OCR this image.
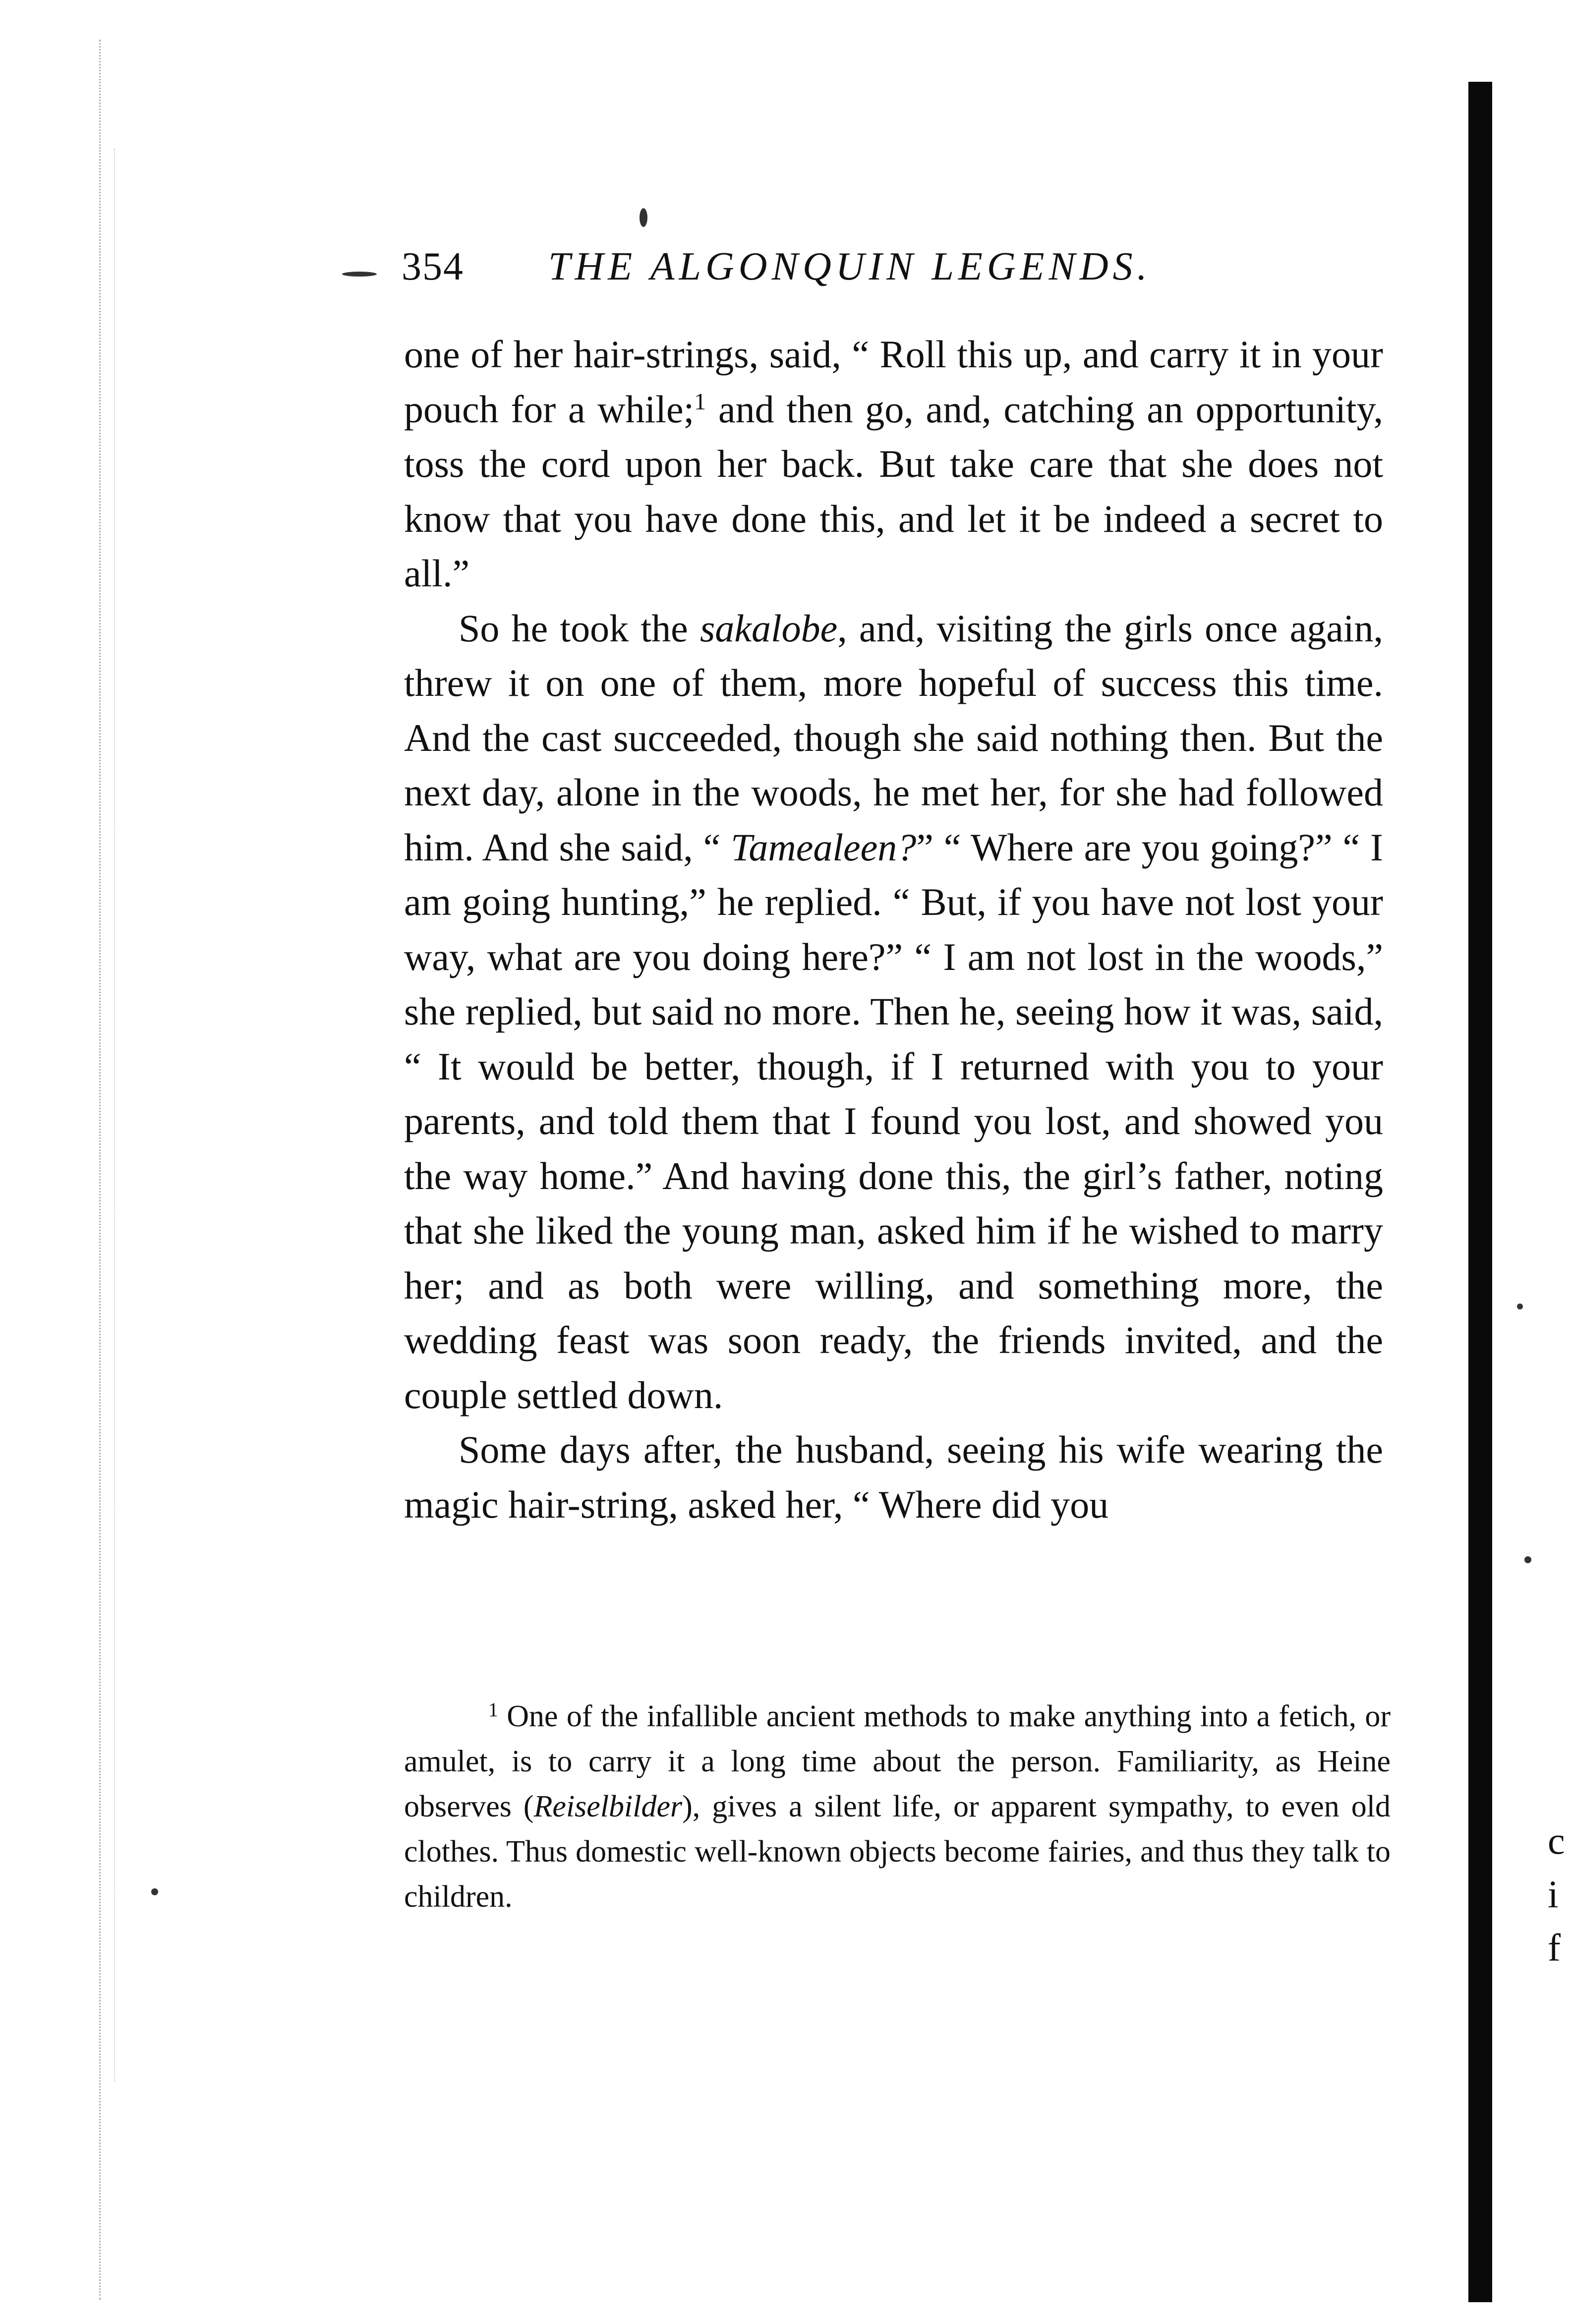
c
i
f
354 THE ALGONQUIN LEGENDS.

one of her hair-strings, said, “ Roll this up, and carry it in your pouch for a while;$^1$ and then go, and, catching an opportunity, toss the cord upon her back. But take care that she does not know that you have done this, and let it be indeed a secret to all.”

So he took the sakalobe, and, visiting the girls once again, threw it on one of them, more hopeful of success this time. And the cast succeeded, though she said nothing then. But the next day, alone in the woods, he met her, for she had followed him. And she said, “ Tamealeen?” “ Where are you going?” “ I am going hunting,” he replied. “ But, if you have not lost your way, what are you doing here?” “ I am not lost in the woods,” she replied, but said no more. Then he, seeing how it was, said, “ It would be better, though, if I returned with you to your parents, and told them that I found you lost, and showed you the way home.” And having done this, the girl’s father, noting that she liked the young man, asked him if he wished to marry her; and as both were willing, and something more, the wedding feast was soon ready, the friends invited, and the couple settled down.

Some days after, the husband, seeing his wife wearing the magic hair-string, asked her, “ Where did you

$^1$ One of the infallible ancient methods to make anything into a fetich, or amulet, is to carry it a long time about the person. Familiarity, as Heine observes (Reiselbilder), gives a silent life, or apparent sympathy, to even old clothes. Thus domestic well-known objects become fairies, and thus they talk to children.
